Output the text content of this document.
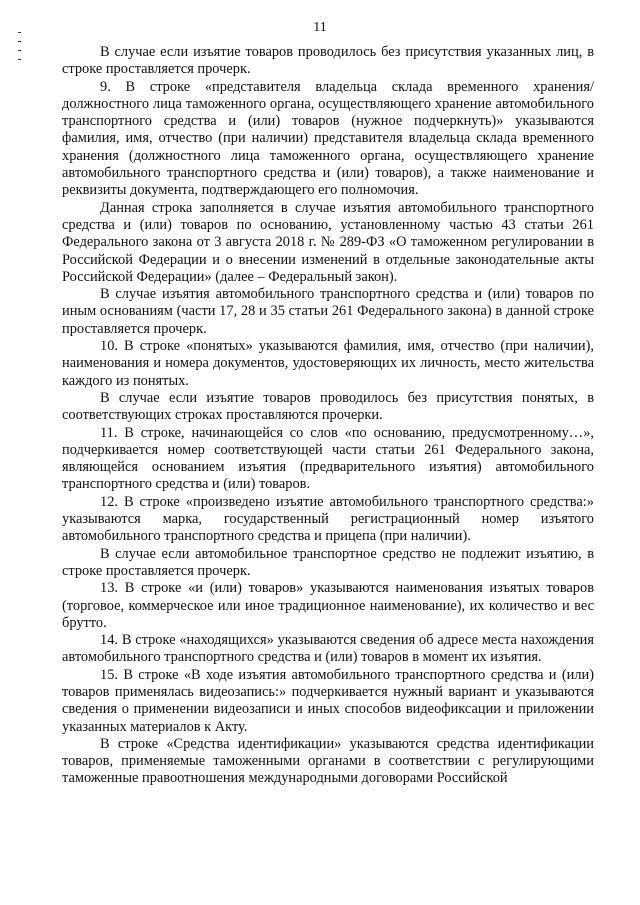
11

В случае если изъятие товаров проводилось без присутствия указанных лиц, в строке проставляется прочерк.

9. В строке «представителя владельца склада временного хранения/ должностного лица таможенного органа, осуществляющего хранение автомобильного транспортного средства и (или) товаров (нужное подчеркнуть)» указываются фамилия, имя, отчество (при наличии) представителя владельца склада временного хранения (должностного лица таможенного органа, осуществляющего хранение автомобильного транспортного средства и (или) товаров), а также наименование и реквизиты документа, подтверждающего его полномочия.

Данная строка заполняется в случае изъятия автомобильного транспортного средства и (или) товаров по основанию, установленному частью 43 статьи 261 Федерального закона от 3 августа 2018 г. № 289-ФЗ «О таможенном регулировании в Российской Федерации и о внесении изменений в отдельные законодательные акты Российской Федерации» (далее – Федеральный закон).

В случае изъятия автомобильного транспортного средства и (или) товаров по иным основаниям (части 17, 28 и 35 статьи 261 Федерального закона) в данной строке проставляется прочерк.

10. В строке «понятых» указываются фамилия, имя, отчество (при наличии), наименования и номера документов, удостоверяющих их личность, место жительства каждого из понятых.

В случае если изъятие товаров проводилось без присутствия понятых, в соответствующих строках проставляются прочерки.

11. В строке, начинающейся со слов «по основанию, предусмотренному…», подчеркивается номер соответствующей части статьи 261 Федерального закона, являющейся основанием изъятия (предварительного изъятия) автомобильного транспортного средства и (или) товаров.

12. В строке «произведено изъятие автомобильного транспортного средства:» указываются марка, государственный регистрационный номер изъятого автомобильного транспортного средства и прицепа (при наличии).

В случае если автомобильное транспортное средство не подлежит изъятию, в строке проставляется прочерк.

13. В строке «и (или) товаров» указываются наименования изъятых товаров (торговое, коммерческое или иное традиционное наименование), их количество и вес брутто.

14. В строке «находящихся» указываются сведения об адресе места нахождения автомобильного транспортного средства и (или) товаров в момент их изъятия.

15. В строке «В ходе изъятия автомобильного транспортного средства и (или) товаров применялась видеозапись:» подчеркивается нужный вариант и указываются сведения о применении видеозаписи и иных способов видеофиксации и приложении указанных материалов к Акту.

В строке «Средства идентификации» указываются средства идентификации товаров, применяемые таможенными органами в соответствии с регулирующими таможенные правоотношения международными договорами Российской
